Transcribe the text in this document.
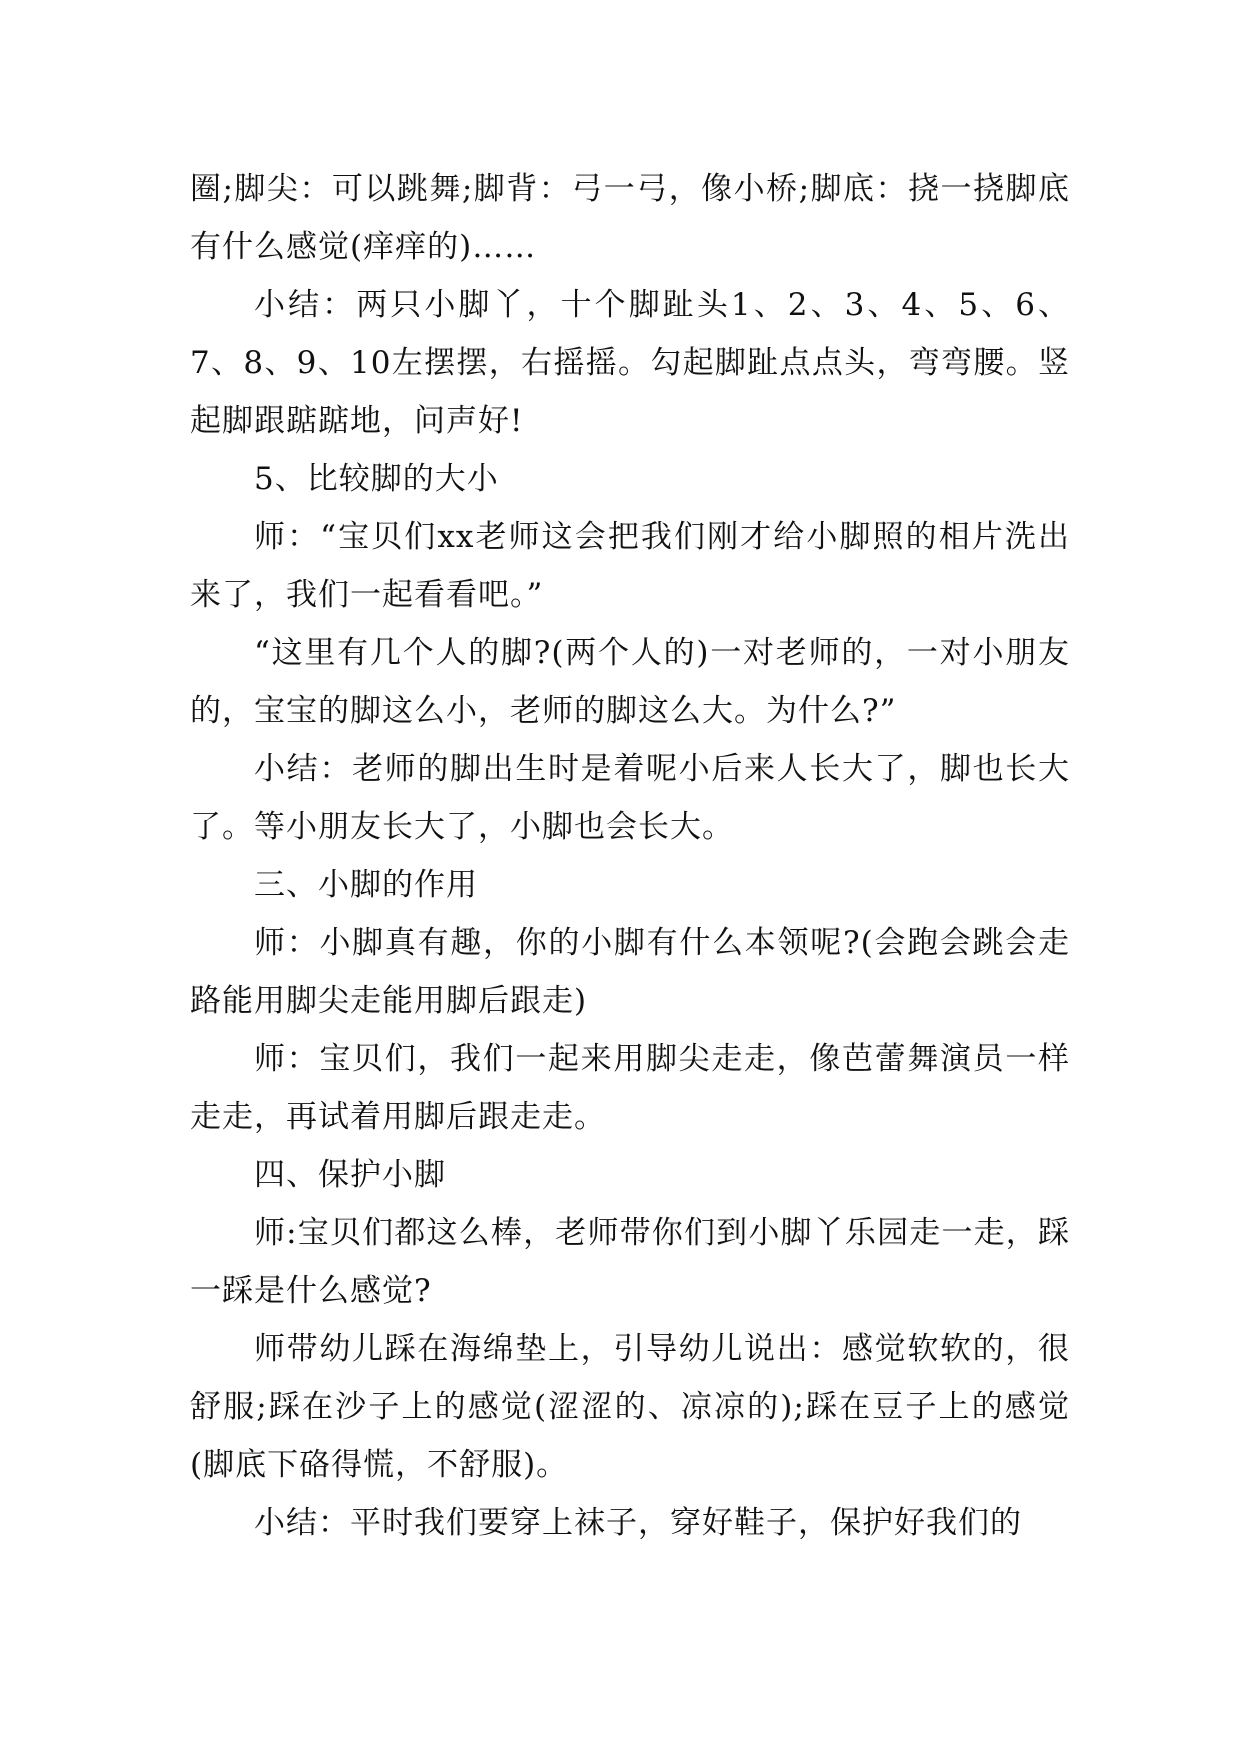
圈;脚尖：可以跳舞;脚背：弓一弓，像小桥;脚底：挠一挠脚底有什么感觉(痒痒的)……

小结：两只小脚丫，十个脚趾头1、2、3、4、5、6、7、8、9、10左摆摆，右摇摇。勾起脚趾点点头，弯弯腰。竖起脚跟踮踮地，问声好!

5、比较脚的大小

师：“宝贝们xx老师这会把我们刚才给小脚照的相片洗出来了，我们一起看看吧。”

“这里有几个人的脚?(两个人的)一对老师的，一对小朋友的，宝宝的脚这么小，老师的脚这么大。为什么?”

小结：老师的脚出生时是着呢小后来人长大了，脚也长大了。等小朋友长大了，小脚也会长大。

三、小脚的作用

师：小脚真有趣，你的小脚有什么本领呢?(会跑会跳会走路能用脚尖走能用脚后跟走)

师：宝贝们，我们一起来用脚尖走走，像芭蕾舞演员一样走走，再试着用脚后跟走走。

四、保护小脚

师:宝贝们都这么棒，老师带你们到小脚丫乐园走一走，踩一踩是什么感觉?

师带幼儿踩在海绵垫上，引导幼儿说出：感觉软软的，很舒服;踩在沙子上的感觉(涩涩的、凉凉的);踩在豆子上的感觉(脚底下硌得慌，不舒服)。

小结：平时我们要穿上袜子，穿好鞋子，保护好我们的
